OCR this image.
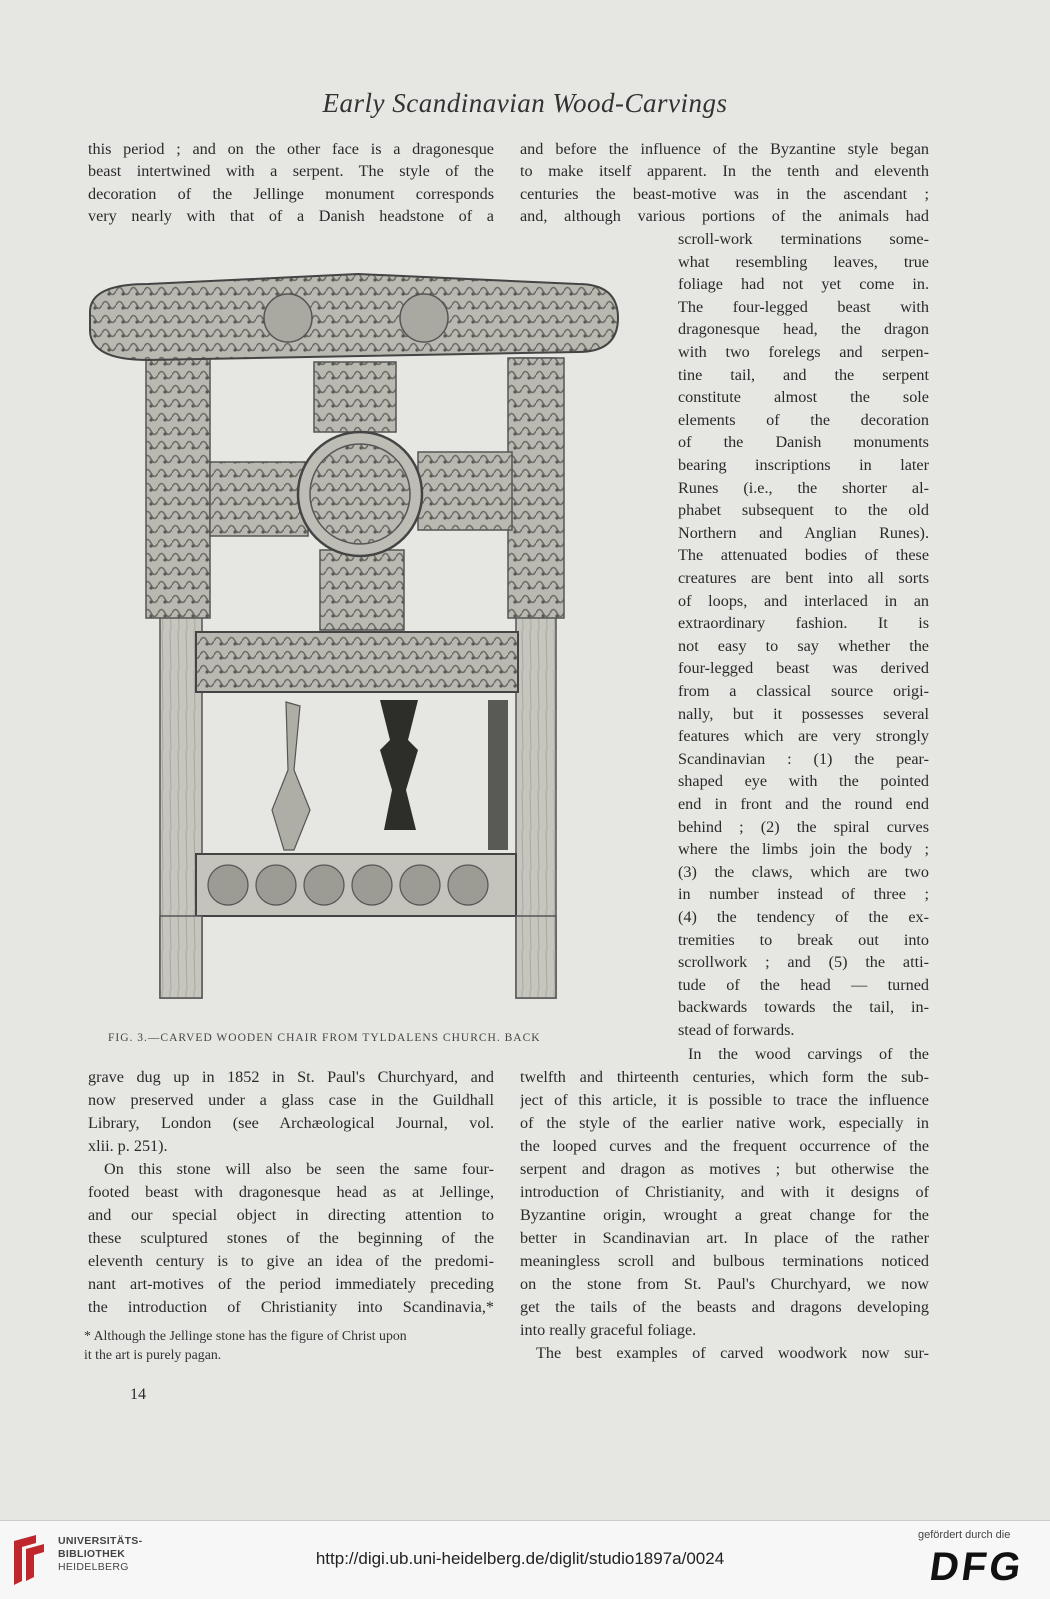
Early Scandinavian Wood-Carvings
this period ; and on the other face is a dragonesque
beast intertwined with a serpent. The style of the
decoration of the Jellinge monument corresponds
very nearly with that of a Danish headstone of a
and before the influence of the Byzantine style began
to make itself apparent. In the tenth and eleventh
centuries the beast-motive was in the ascendant ;
and, although various portions of the animals had
FIG. 3.—CARVED WOODEN CHAIR FROM TYLDALENS CHURCH. BACK
grave dug up in 1852 in St. Paul's Churchyard, and
now preserved under a glass case in the Guildhall
Library, London (see Archæological Journal, vol.
xlii. p. 251).
On this stone will also be seen the same four-
footed beast with dragonesque head as at Jellinge,
and our special object in directing attention to
these sculptured stones of the beginning of the
eleventh century is to give an idea of the predomi-
nant art-motives of the period immediately preceding
the introduction of Christianity into Scandinavia,*
In the wood carvings of the
twelfth and thirteenth centuries, which form the sub-
ject of this article, it is possible to trace the influence
of the style of the earlier native work, especially in
the looped curves and the frequent occurrence of the
serpent and dragon as motives ; but otherwise the
introduction of Christianity, and with it designs of
Byzantine origin, wrought a great change for the
better in Scandinavian art. In place of the rather
meaningless scroll and bulbous terminations noticed
on the stone from St. Paul's Churchyard, we now
get the tails of the beasts and dragons developing
into really graceful foliage.
The best examples of carved woodwork now sur-
* Although the Jellinge stone has the figure of Christ upon
it the art is purely pagan.
14
scroll-work terminations some-
what resembling leaves, true
foliage had not yet come in.
The four-legged beast with
dragonesque head, the dragon
with two forelegs and serpen-
tine tail, and the serpent
constitute almost the sole
elements of the decoration
of the Danish monuments
bearing inscriptions in later
Runes (i.e., the shorter al-
phabet subsequent to the old
Northern and Anglian Runes).
The attenuated bodies of these
creatures are bent into all sorts
of loops, and interlaced in an
extraordinary fashion. It is
not easy to say whether the
four-legged beast was derived
from a classical source origi-
nally, but it possesses several
features which are very strongly
Scandinavian : (1) the pear-
shaped eye with the pointed
end in front and the round end
behind ; (2) the spiral curves
where the limbs join the body ;
(3) the claws, which are two
in number instead of three ;
(4) the tendency of the ex-
tremities to break out into
scrollwork ; and (5) the atti-
tude of the head — turned
backwards towards the tail, in-
stead of forwards.
UNIVERSITÄTS-
BIBLIOTHEK
HEIDELBERG	http://digi.ub.uni-heidelberg.de/diglit/studio1897a/0024
gefördert durch die
DFG
